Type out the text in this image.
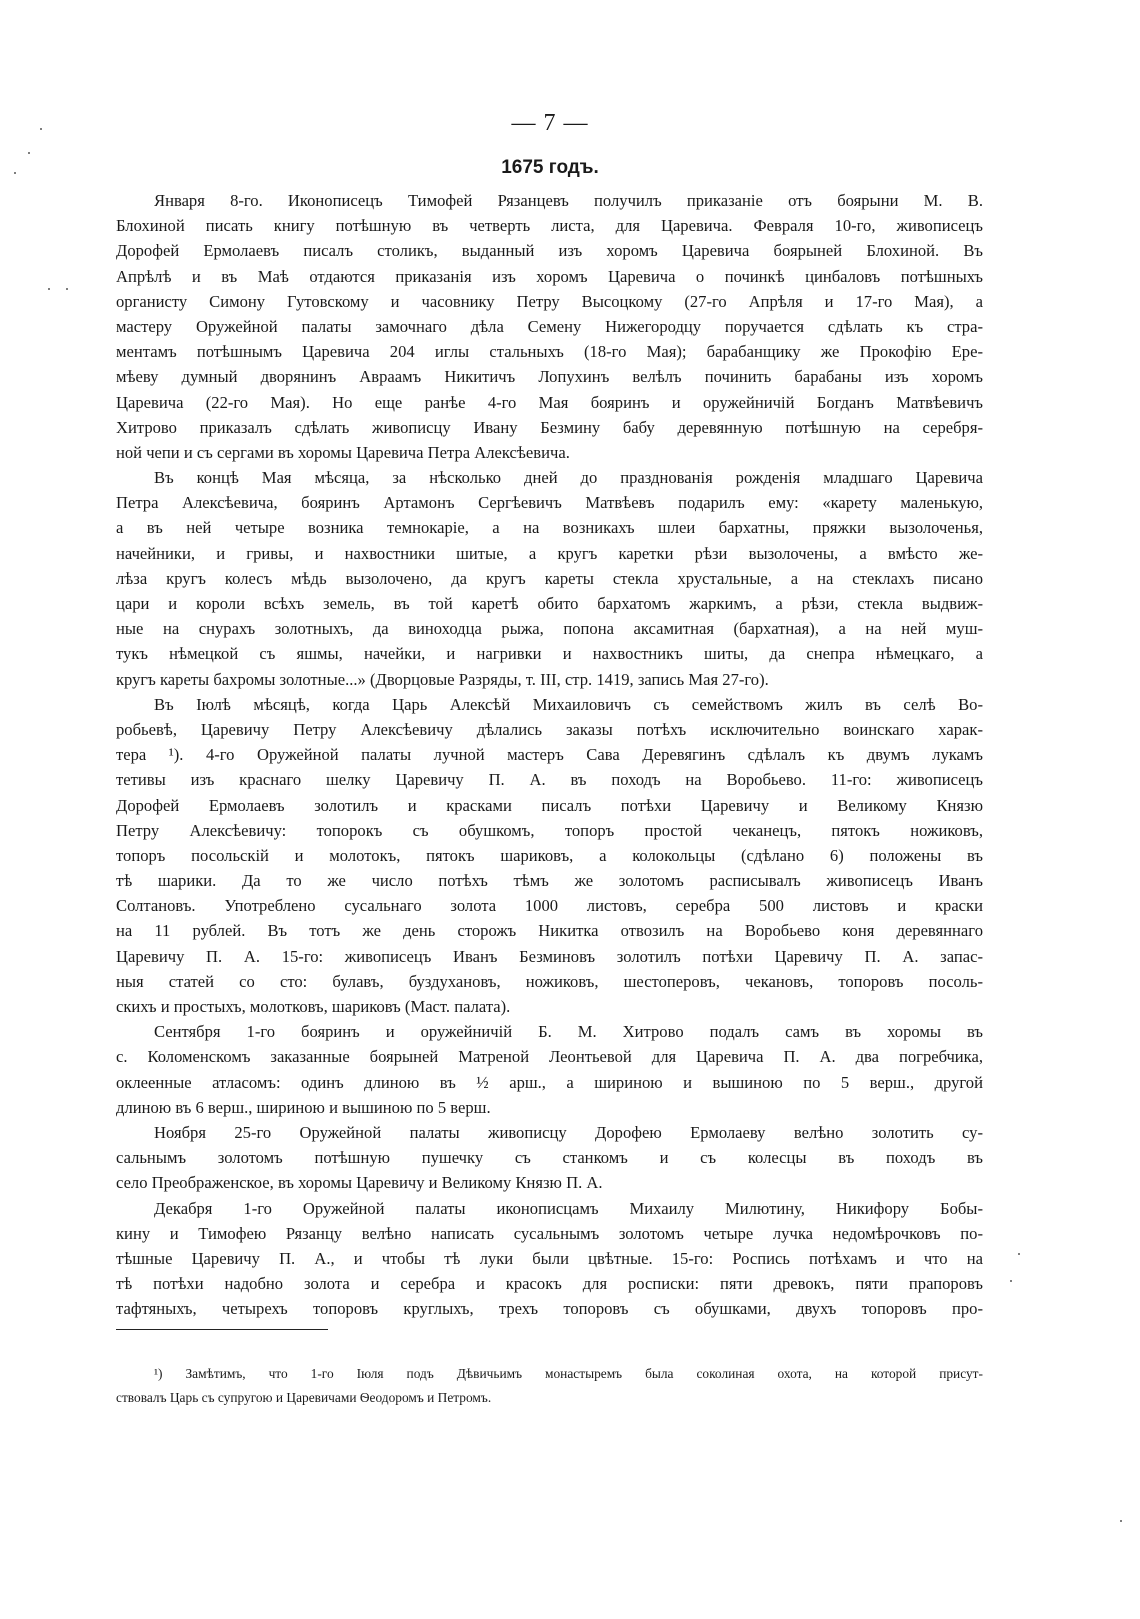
— 7 —
1675 годъ.
Января 8-го. Иконописецъ Тимофей Рязанцевъ получилъ приказаніе отъ боярыни М. В.
Блохиной писать книгу потѣшную въ четверть листа, для Царевича. Февраля 10-го, живописецъ
Дорофей Ермолаевъ писалъ столикъ, выданный изъ хоромъ Царевича боярыней Блохиной. Въ
Апрѣлѣ и въ Маѣ отдаются приказанія изъ хоромъ Царевича о починкѣ цинбаловъ потѣшныхъ
органисту Симону Гутовскому и часовнику Петру Высоцкому (27-го Апрѣля и 17-го Мая), а
мастеру Оружейной палаты замочнаго дѣла Семену Нижегородцу поручается сдѣлать къ стра-
ментамъ потѣшнымъ Царевича 204 иглы стальныхъ (18-го Мая); барабанщику же Прокофію Ере-
мѣеву думный дворянинъ Авраамъ Никитичъ Лопухинъ велѣлъ починить барабаны изъ хоромъ
Царевича (22-го Мая). Но еще ранѣе 4-го Мая бояринъ и оружейничій Богданъ Матвѣевичъ
Хитрово приказалъ сдѣлать живописцу Ивану Безмину бабу деревянную потѣшную на серебря-
ной чепи и съ сергами въ хоромы Царевича Петра Алексѣевича.
Въ концѣ Мая мѣсяца, за нѣсколько дней до празднованія рожденія младшаго Царевича
Петра Алексѣевича, бояринъ Артамонъ Сергѣевичъ Матвѣевъ подарилъ ему: «карету маленькую,
а въ ней четыре возника темнокаріе, а на возникахъ шлеи бархатны, пряжки вызолоченья,
начейники, и гривы, и нахвостники шитые, а кругъ каретки рѣзи вызолочены, а вмѣсто же-
лѣза кругъ колесъ мѣдь вызолочено, да кругъ кареты стекла хрустальные, а на стеклахъ писано
цари и короли всѣхъ земель, въ той каретѣ обито бархатомъ жаркимъ, а рѣзи, стекла выдвиж-
ные на снурахъ золотныхъ, да виноходца рыжа, попона аксамитная (бархатная), а на ней муш-
тукъ нѣмецкой съ яшмы, начейки, и нагривки и нахвостникъ шиты, да снепра нѣмецкаго, а
кругъ кареты бахромы золотные...» (Дворцовые Разряды, т. III, стр. 1419, запись Мая 27-го).
Въ Іюлѣ мѣсяцѣ, когда Царь Алексѣй Михаиловичъ съ семействомъ жилъ въ селѣ Во-
робьевѣ, Царевичу Петру Алексѣевичу дѣлались заказы потѣхъ исключительно воинскаго харак-
тера ¹). 4-го Оружейной палаты лучной мастеръ Сава Деревягинъ сдѣлалъ къ двумъ лукамъ
тетивы изъ краснаго шелку Царевичу П. А. въ походъ на Воробьево. 11-го: живописецъ
Дорофей Ермолаевъ золотилъ и красками писалъ потѣхи Царевичу и Великому Князю
Петру Алексѣевичу: топорокъ съ обушкомъ, топоръ простой чеканецъ, пятокъ ножиковъ,
топоръ посольскій и молотокъ, пятокъ шариковъ, а колокольцы (сдѣлано 6) положены въ
тѣ шарики. Да то же число потѣхъ тѣмъ же золотомъ расписывалъ живописецъ Иванъ
Солтановъ. Употреблено сусальнаго золота 1000 листовъ, серебра 500 листовъ и краски
на 11 рублей. Въ тотъ же день сторожъ Никитка отвозилъ на Воробьево коня деревяннаго
Царевичу П. А. 15-го: живописецъ Иванъ Безминовъ золотилъ потѣхи Царевичу П. А. запас-
ныя статей со сто: булавъ, буздухановъ, ножиковъ, шестоперовъ, чекановъ, топоровъ посоль-
скихъ и простыхъ, молотковъ, шариковъ (Маст. палата).
Сентября 1-го бояринъ и оружейничій Б. М. Хитрово подалъ самъ въ хоромы въ
с. Коломенскомъ заказанные боярыней Матреной Леонтьевой для Царевича П. А. два погребчика,
оклеенные атласомъ: одинъ длиною въ ½ арш., а шириною и вышиною по 5 верш., другой
длиною въ 6 верш., шириною и вышиною по 5 верш.
Ноября 25-го Оружейной палаты живописцу Дорофею Ермолаеву велѣно золотить су-
сальнымъ золотомъ потѣшную пушечку съ станкомъ и съ колесцы въ походъ въ
село Преображенское, въ хоромы Царевичу и Великому Князю П. А.
Декабря 1-го Оружейной палаты иконописцамъ Михаилу Милютину, Никифору Бобы-
кину и Тимофею Рязанцу велѣно написать сусальнымъ золотомъ четыре лучка недомѣрочковъ по-
тѣшные Царевичу П. А., и чтобы тѣ луки были цвѣтные. 15-го: Роспись потѣхамъ и что на
тѣ потѣхи надобно золота и серебра и красокъ для росписки: пяти древокъ, пяти прапоровъ
тафтяныхъ, четырехъ топоровъ круглыхъ, трехъ топоровъ съ обушками, двухъ топоровъ про-
¹) Замѣтимъ, что 1-го Іюля подъ Дѣвичьимъ монастыремъ была соколиная охота, на которой присут-
ствовалъ Царь съ супругою и Царевичами Ѳеодоромъ и Петромъ.
